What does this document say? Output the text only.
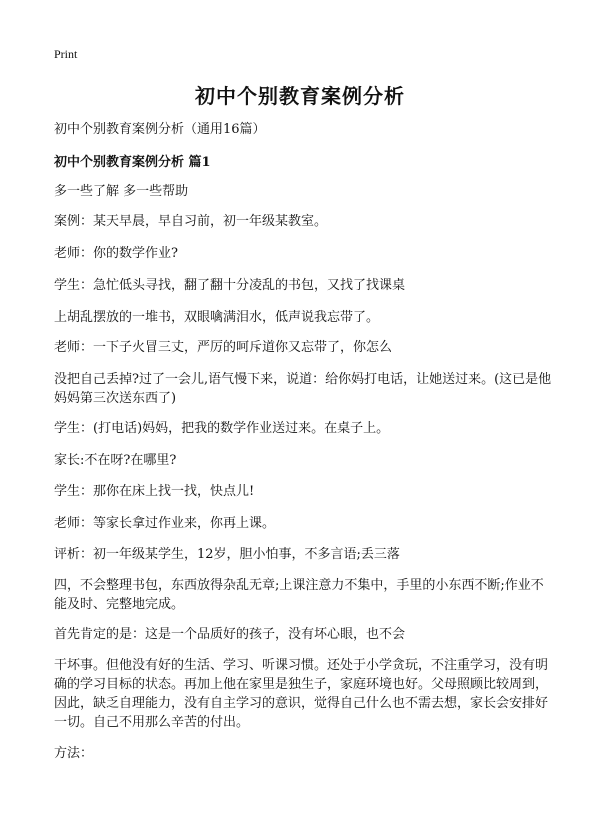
Print
初中个别教育案例分析

初中个别教育案例分析（通用16篇）

初中个别教育案例分析 篇1

多一些了解 多一些帮助

案例：某天早晨，早自习前，初一年级某教室。

老师：你的数学作业?

学生：急忙低头寻找，翻了翻十分凌乱的书包，又找了找课桌

上胡乱摆放的一堆书，双眼噙满泪水，低声说我忘带了。

老师：一下子火冒三丈，严厉的呵斥道你又忘带了，你怎么

没把自己丢掉?过了一会儿,语气慢下来，说道：给你妈打电话，让她送过来。(这已是他妈妈第三次送东西了)

学生：(打电话)妈妈，把我的数学作业送过来。在桌子上。

家长:不在呀?在哪里?

学生：那你在床上找一找，快点儿!

老师：等家长拿过作业来，你再上课。

评析：初一年级某学生，12岁，胆小怕事，不多言语;丢三落

四，不会整理书包，东西放得杂乱无章;上课注意力不集中，手里的小东西不断;作业不能及时、完整地完成。

首先肯定的是：这是一个品质好的孩子，没有坏心眼，也不会

干坏事。但他没有好的生活、学习、听课习惯。还处于小学贪玩，不注重学习，没有明确的学习目标的状态。再加上他在家里是独生子，家庭环境也好。父母照顾比较周到，因此，缺乏自理能力，没有自主学习的意识，觉得自己什么也不需去想，家长会安排好一切。自己不用那么辛苦的付出。

方法：
